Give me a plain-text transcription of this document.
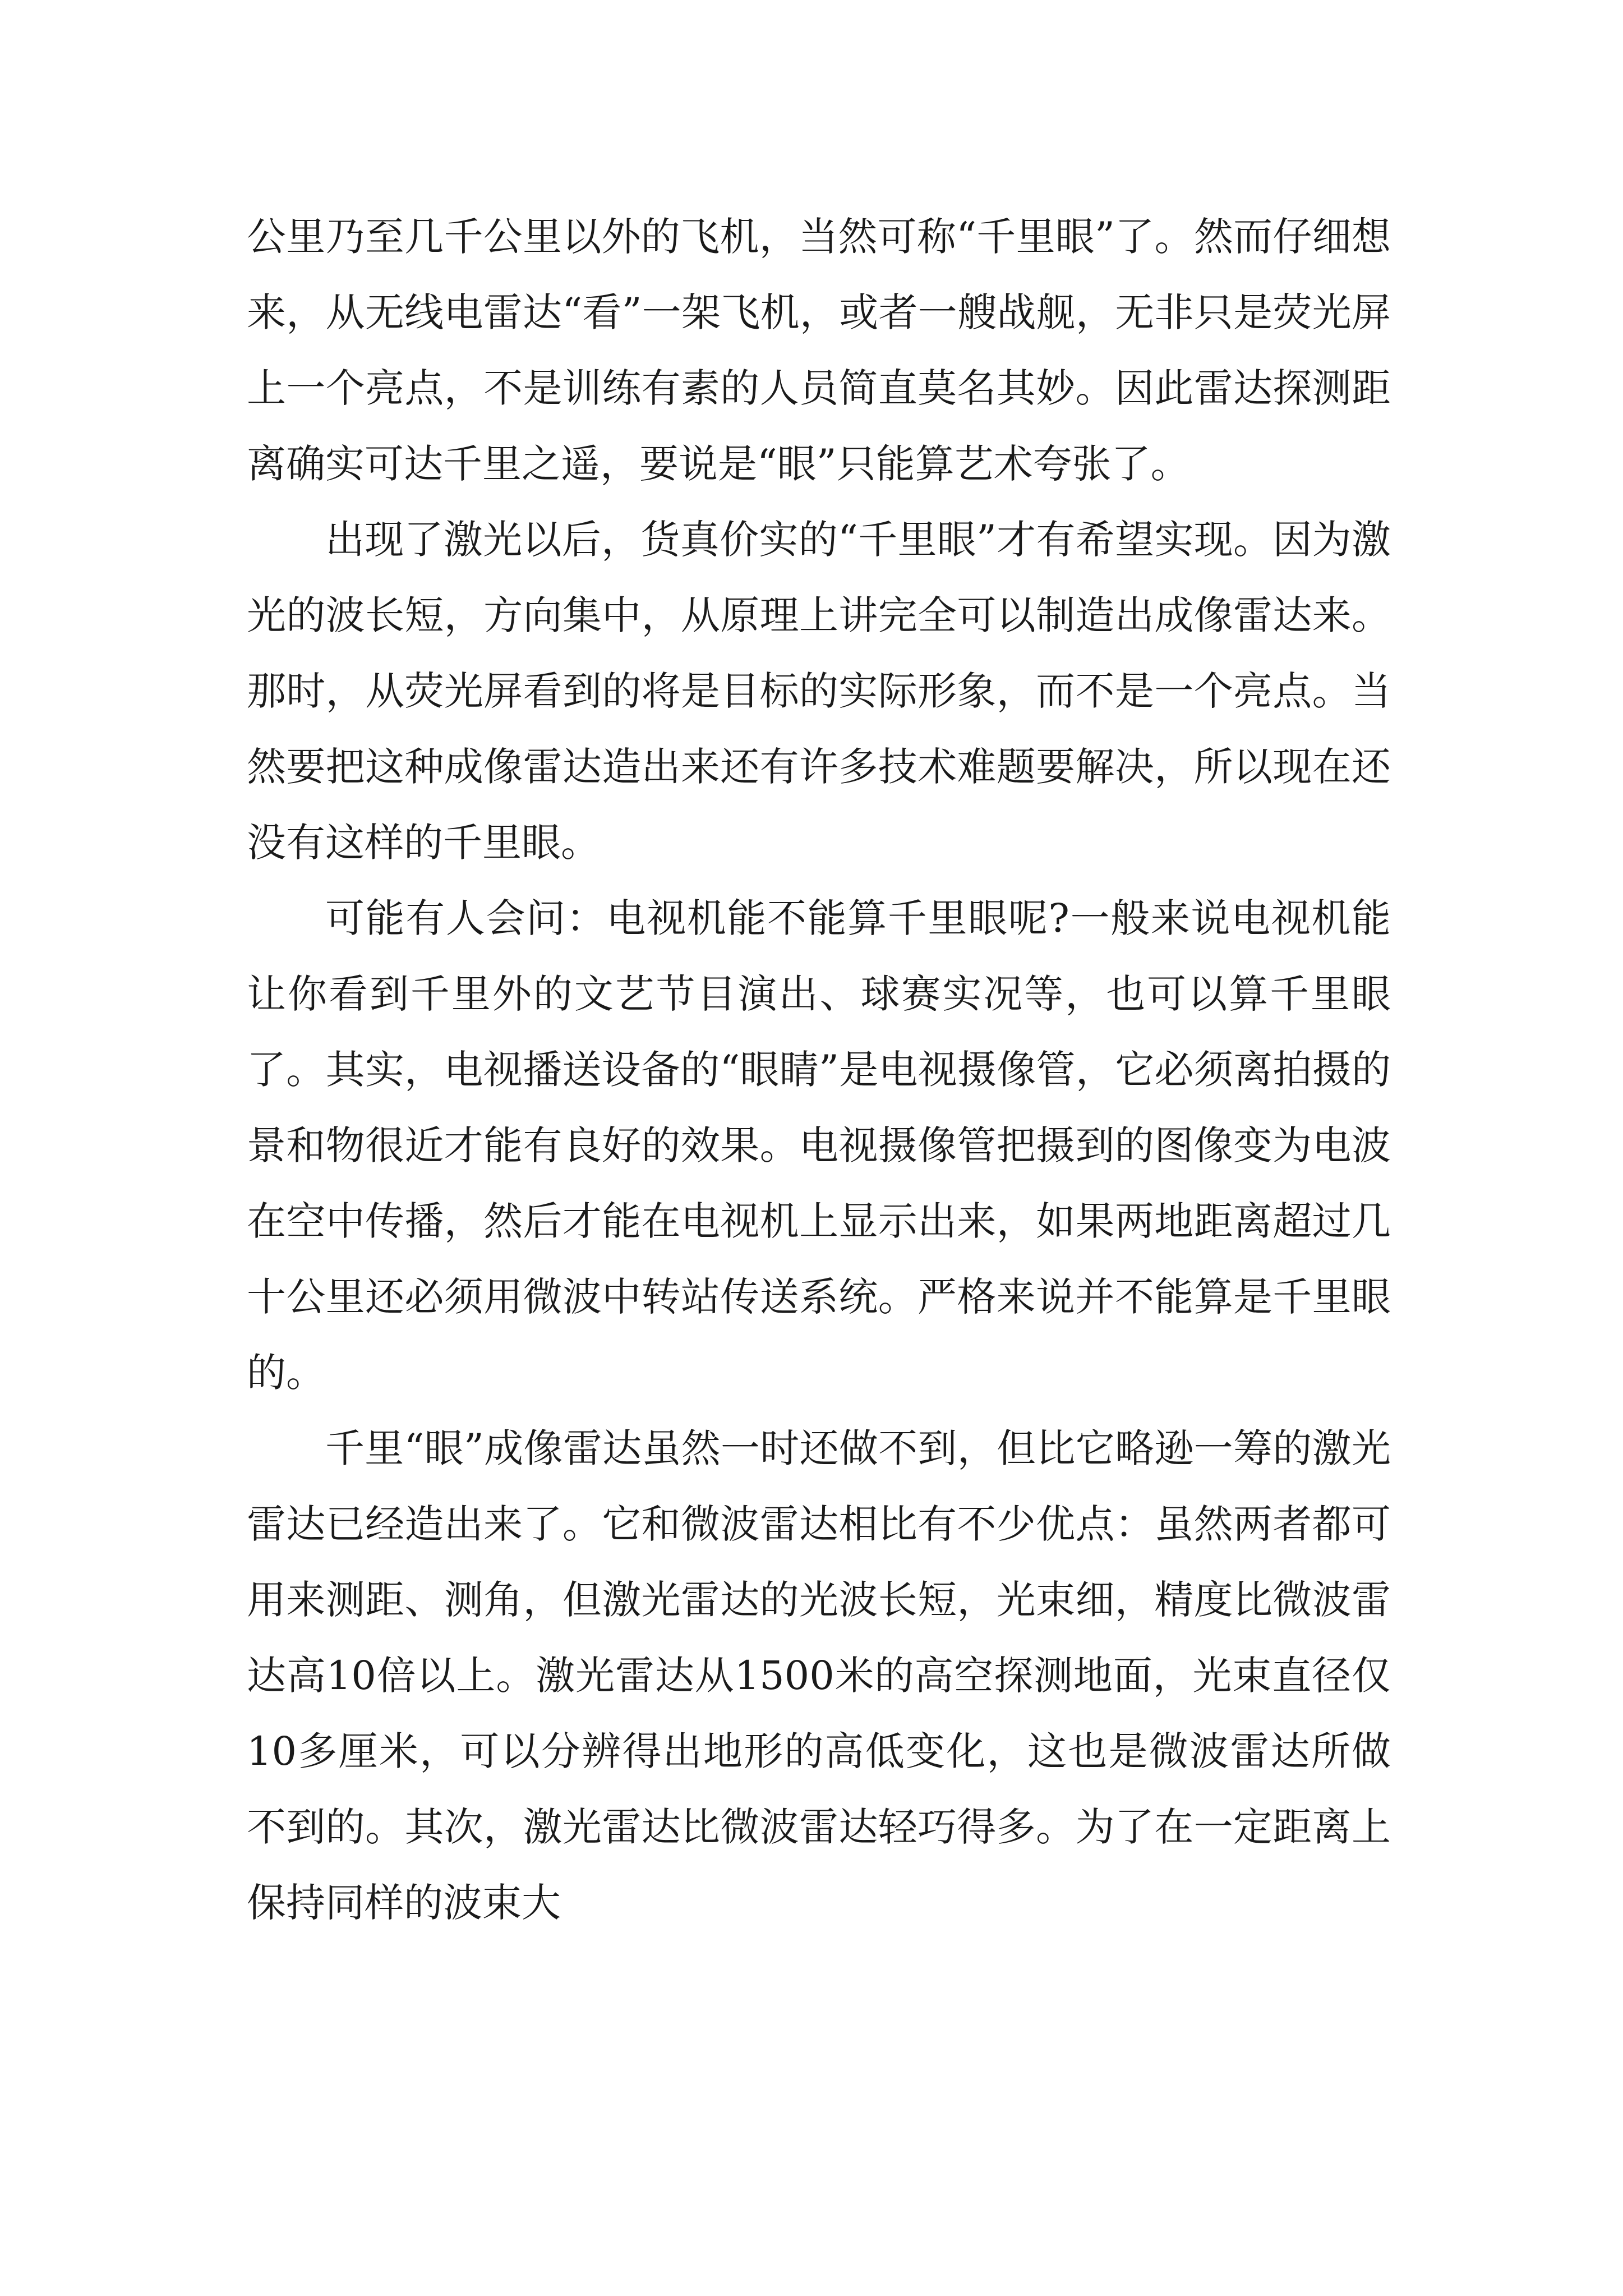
公里乃至几千公里以外的飞机，当然可称“千里眼”了。然而仔细想来，从无线电雷达“看”一架飞机，或者一艘战舰，无非只是荧光屏上一个亮点，不是训练有素的人员简直莫名其妙。因此雷达探测距离确实可达千里之遥，要说是“眼”只能算艺术夸张了。

出现了激光以后，货真价实的“千里眼”才有希望实现。因为激光的波长短，方向集中，从原理上讲完全可以制造出成像雷达来。那时，从荧光屏看到的将是目标的实际形象，而不是一个亮点。当然要把这种成像雷达造出来还有许多技术难题要解决，所以现在还没有这样的千里眼。

可能有人会问：电视机能不能算千里眼呢?一般来说电视机能让你看到千里外的文艺节目演出、球赛实况等，也可以算千里眼了。其实，电视播送设备的“眼睛”是电视摄像管，它必须离拍摄的景和物很近才能有良好的效果。电视摄像管把摄到的图像变为电波在空中传播，然后才能在电视机上显示出来，如果两地距离超过几十公里还必须用微波中转站传送系统。严格来说并不能算是千里眼的。

千里“眼”成像雷达虽然一时还做不到，但比它略逊一筹的激光雷达已经造出来了。它和微波雷达相比有不少优点：虽然两者都可用来测距、测角，但激光雷达的光波长短，光束细，精度比微波雷达高10倍以上。激光雷达从1500米的高空探测地面，光束直径仅10多厘米，可以分辨得出地形的高低变化，这也是微波雷达所做不到的。其次，激光雷达比微波雷达轻巧得多。为了在一定距离上保持同样的波束大
